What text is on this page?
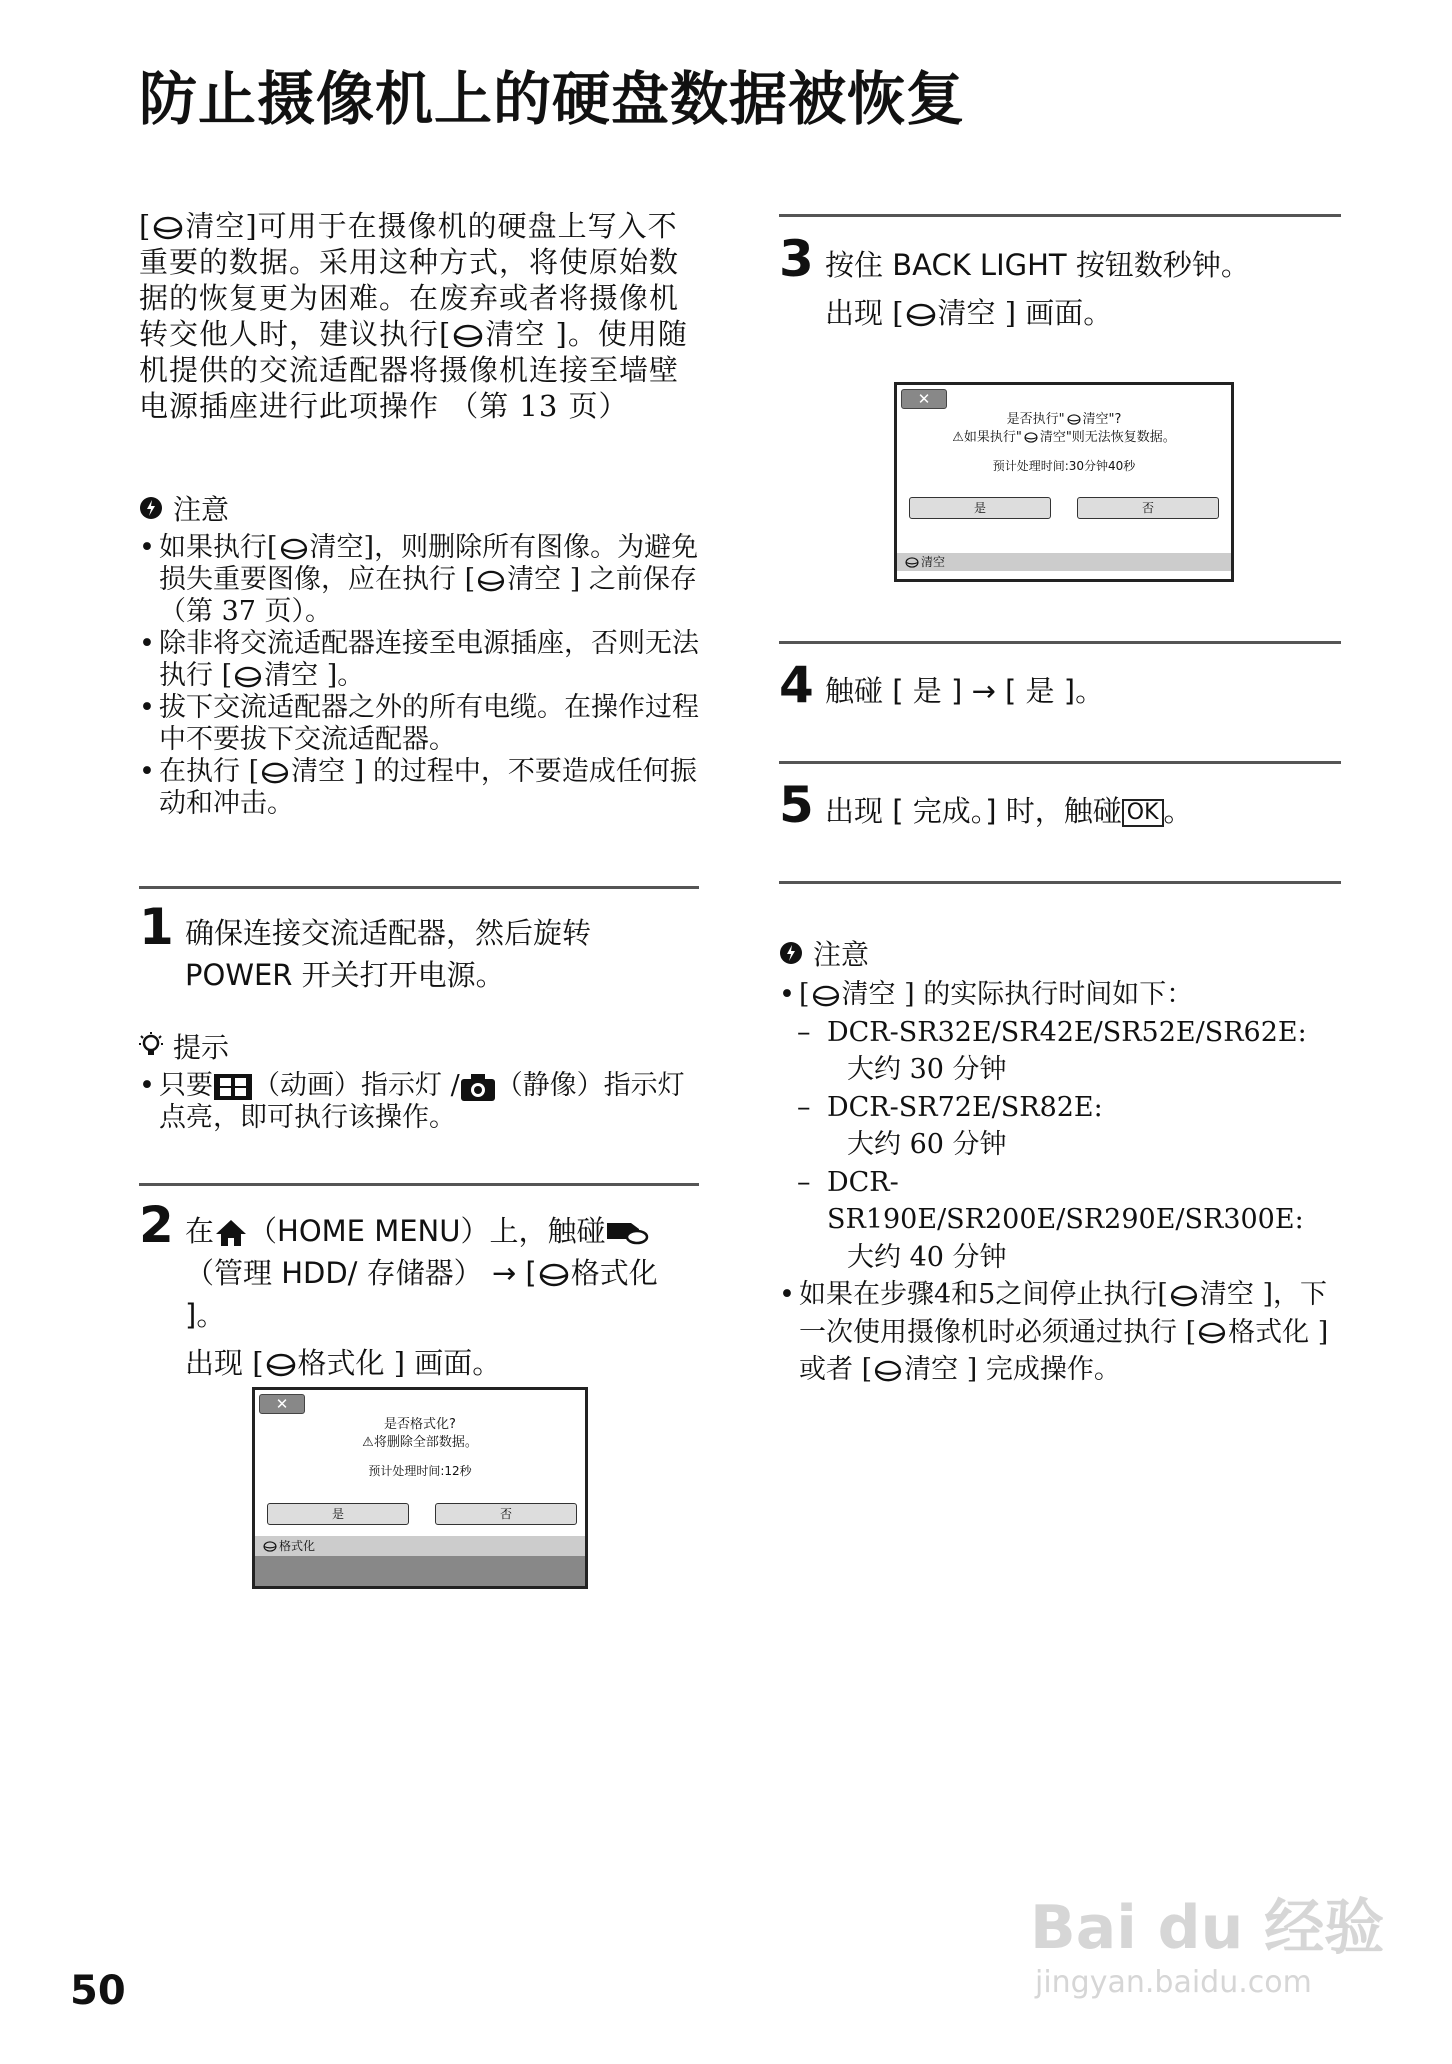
防止摄像机上的硬盘数据被恢复
[ 清空]可用于在摄像机的硬盘上写入不重要的数据。采用这种方式，将使原始数据的恢复更为困难。在废弃或者将摄像机转交他人时，建议执行[ 清空 ]。使用随机提供的交流适配器将摄像机连接至墙壁电源插座进行此项操作 （第 13 页）
注意
• 如果执行[ 清空]，则删除所有图像。为避免损失重要图像，应在执行 [ 清空 ] 之前保存 （第 37 页）。
• 除非将交流适配器连接至电源插座，否则无法执行 [ 清空 ]。
• 拔下交流适配器之外的所有电缆。在操作过程中不要拔下交流适配器。
• 在执行 [ 清空 ] 的过程中，不要造成任何振动和冲击。
1 确保连接交流适配器，然后旋转 POWER 开关打开电源。
提示
• 只要 （动画）指示灯 / （静像）指示灯点亮，即可执行该操作。
2 在 （HOME MENU）上，触碰（管理 HDD/ 存储器） → [ 格式化 ]。
出现 [ 格式化 ] 画面。
✕
是否格式化?
⚠将删除全部数据。
预计处理时间:12秒
是	否
格式化
3 按住 BACK LIGHT 按钮数秒钟。
出现 [ 清空 ] 画面。
✕
是否执行" 清空"?
⚠如果执行" 清空"则无法恢复数据。
预计处理时间:30分钟40秒
是	否
清空
4 触碰 [ 是 ] → [ 是 ]。
5 出现 [ 完成。] 时，触碰 OK 。
注意
• [ 清空 ] 的实际执行时间如下：
– DCR-SR32E/SR42E/SR52E/SR62E:
大约 30 分钟
– DCR-SR72E/SR82E:
大约 60 分钟
– DCR-SR190E/SR200E/SR290E/SR300E:
大约 40 分钟
• 如果在步骤4和5之间停止执行[ 清空 ]，下一次使用摄像机时必须通过执行 [ 格式化 ] 或者 [ 清空 ] 完成操作。
50
Bai du 经验
jingyan.baidu.com
